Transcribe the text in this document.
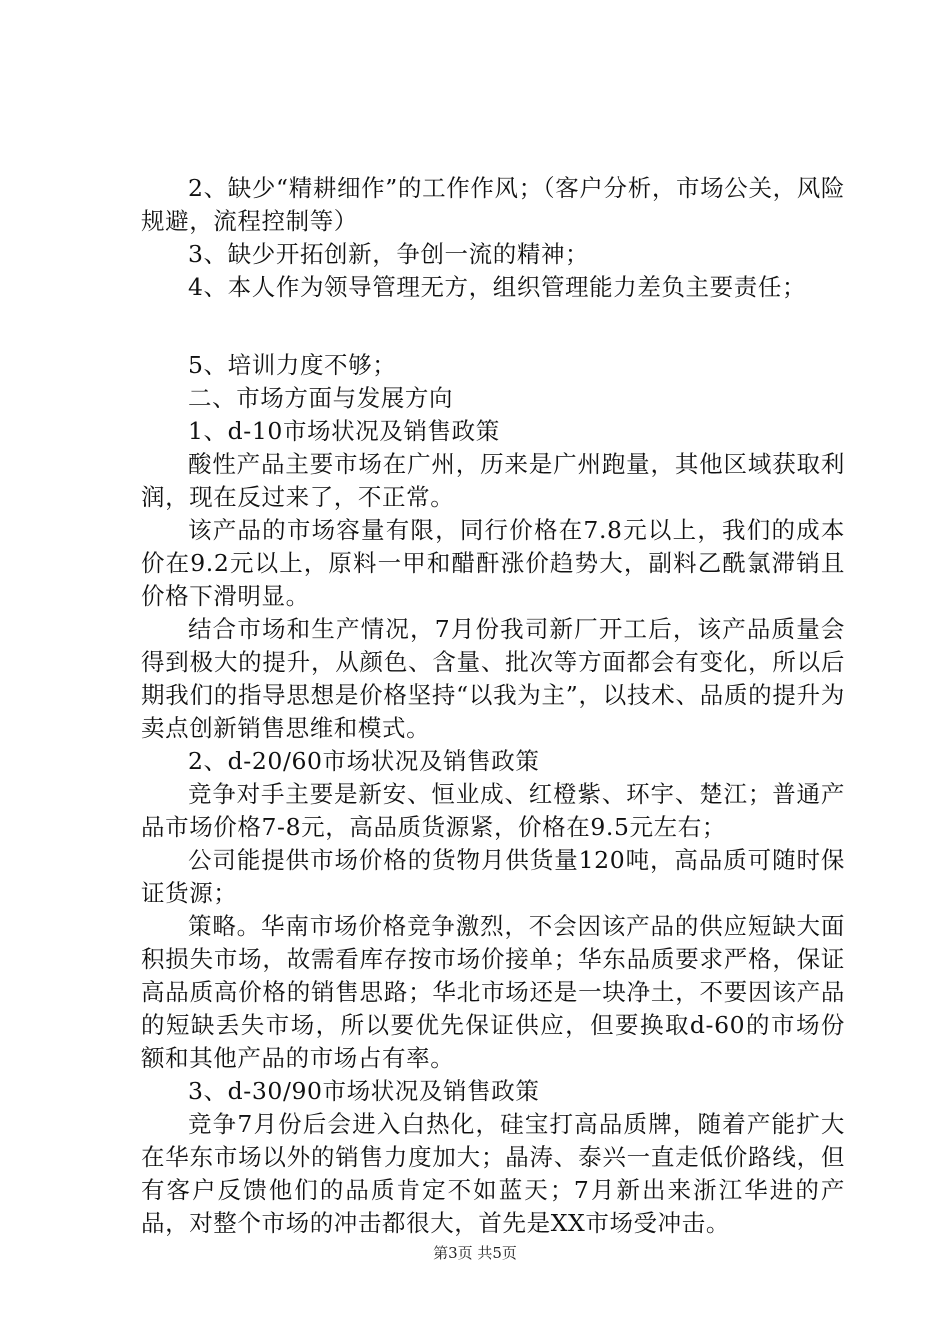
2、缺少“精耕细作”的工作作风；（客户分析，市场公关，风险规避，流程控制等）

3、缺少开拓创新，争创一流的精神；

4、本人作为领导管理无方，组织管理能力差负主要责任；

5、培训力度不够；

二、市场方面与发展方向

1、d-10市场状况及销售政策

酸性产品主要市场在广州，历来是广州跑量，其他区域获取利润，现在反过来了，不正常。

该产品的市场容量有限，同行价格在7.8元以上，我们的成本价在9.2元以上，原料一甲和醋酐涨价趋势大，副料乙酰氯滞销且价格下滑明显。

结合市场和生产情况，7月份我司新厂开工后，该产品质量会得到极大的提升，从颜色、含量、批次等方面都会有变化，所以后期我们的指导思想是价格坚持“以我为主”，以技术、品质的提升为卖点创新销售思维和模式。

2、d-20/60市场状况及销售政策

竞争对手主要是新安、恒业成、红橙紫、环宇、楚江；普通产品市场价格7-8元，高品质货源紧，价格在9.5元左右；

公司能提供市场价格的货物月供货量120吨，高品质可随时保证货源；

策略。华南市场价格竞争激烈，不会因该产品的供应短缺大面积损失市场，故需看库存按市场价接单；华东品质要求严格，保证高品质高价格的销售思路；华北市场还是一块净土，不要因该产品的短缺丢失市场，所以要优先保证供应，但要换取d-60的市场份额和其他产品的市场占有率。

3、d-30/90市场状况及销售政策

竞争7月份后会进入白热化，硅宝打高品质牌，随着产能扩大在华东市场以外的销售力度加大；晶涛、泰兴一直走低价路线，但有客户反馈他们的品质肯定不如蓝天；7月新出来浙江华进的产品，对整个市场的冲击都很大，首先是XX市场受冲击。

第3页 共5页
